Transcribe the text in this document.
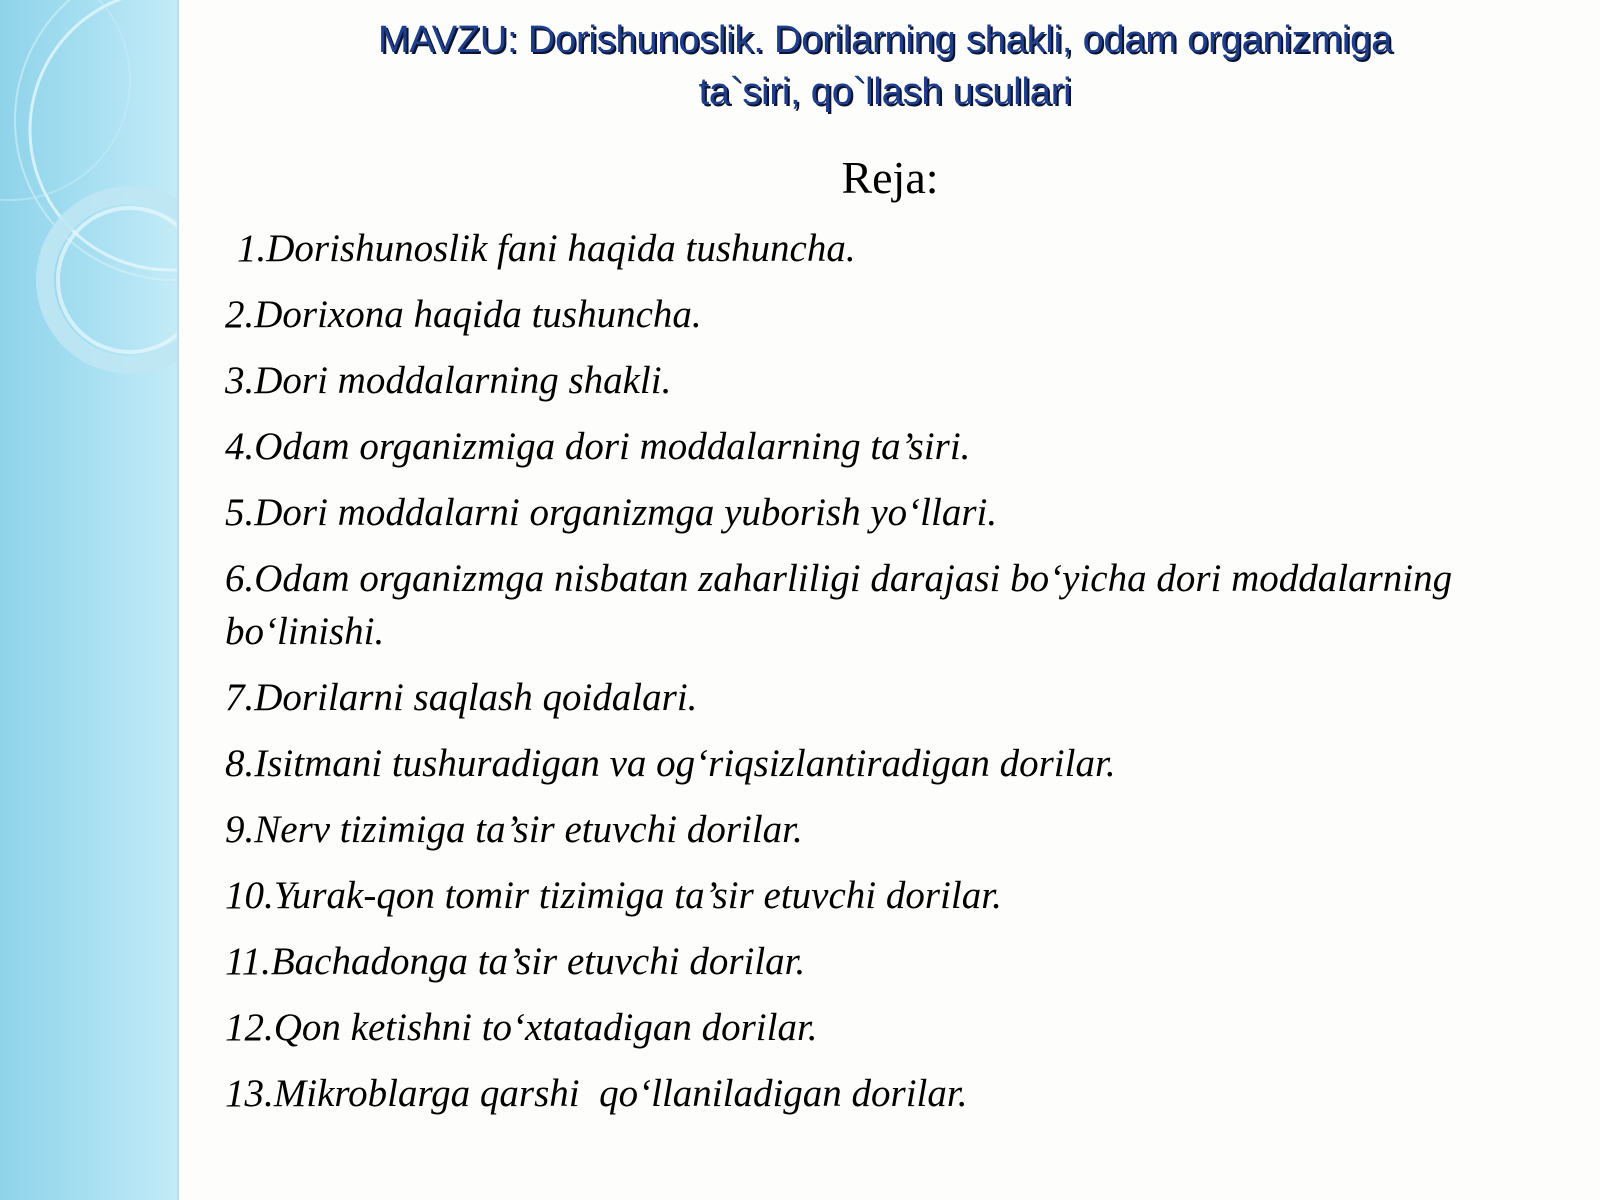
MAVZU: Dorishunoslik. Dorilarning shakli, odam organizmiga
ta`siri, qo`llash usullari
Reja:
1.Dorishunoslik fani haqida tushuncha.
2.Dorixona haqida tushuncha.
3.Dori moddalarning shakli.
4.Odam organizmiga dori moddalarning ta’siri.
5.Dori moddalarni organizmga yuborish yo‘llari.
6.Odam organizmga nisbatan zaharliligi darajasi bo‘yicha dori moddalarning  bo‘linishi.
7.Dorilarni saqlash qoidalari.
8.Isitmani tushuradigan va og‘riqsizlantiradigan dorilar.
9.Nerv tizimiga ta’sir etuvchi dorilar.
10.Yurak-qon tomir tizimiga ta’sir etuvchi dorilar.
11.Bachadonga ta’sir etuvchi dorilar.
12.Qon ketishni to‘xtatadigan dorilar.
13.Mikroblarga qarshi  qo‘llaniladigan dorilar.
